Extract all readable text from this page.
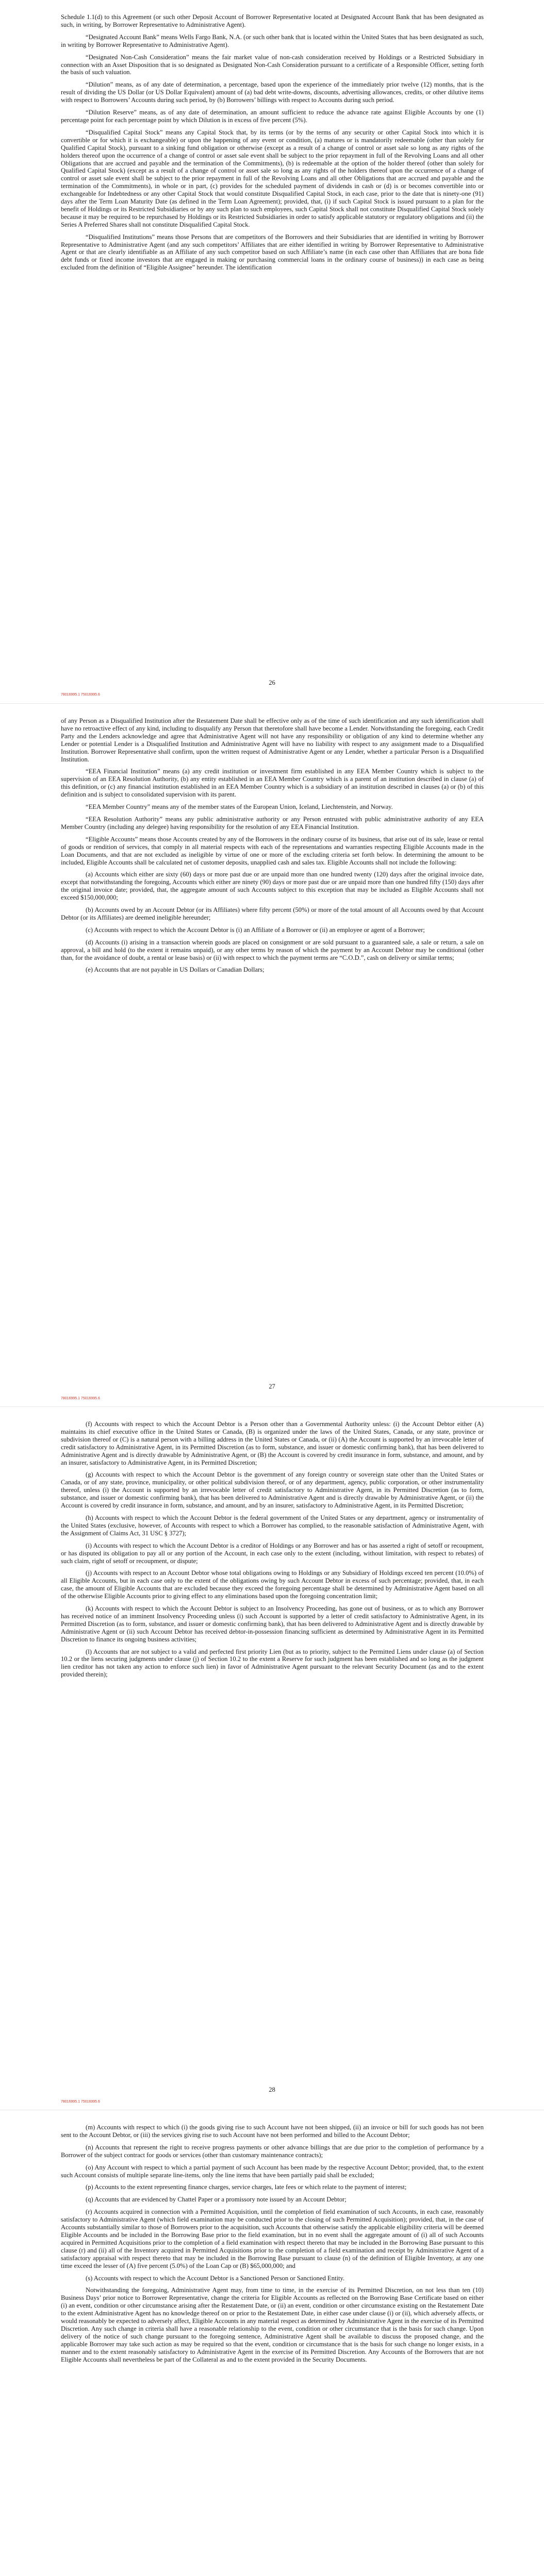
Schedule 1.1(d) to this Agreement (or such other Deposit Account of Borrower Representative located at Designated Account Bank that has been designated as such, in writing, by Borrower Representative to Administrative Agent).

“Designated Account Bank” means Wells Fargo Bank, N.A. (or such other bank that is located within the United States that has been designated as such, in writing by Borrower Representative to Administrative Agent).

“Designated Non-Cash Consideration” means the fair market value of non-cash consideration received by Holdings or a Restricted Subsidiary in connection with an Asset Disposition that is so designated as Designated Non-Cash Consideration pursuant to a certificate of a Responsible Officer, setting forth the basis of such valuation.

“Dilution” means, as of any date of determination, a percentage, based upon the experience of the immediately prior twelve (12) months, that is the result of dividing the US Dollar (or US Dollar Equivalent) amount of (a) bad debt write-downs, discounts, advertising allowances, credits, or other dilutive items with respect to Borrowers’ Accounts during such period, by (b) Borrowers’ billings with respect to Accounts during such period.

“Dilution Reserve” means, as of any date of determination, an amount sufficient to reduce the advance rate against Eligible Accounts by one (1) percentage point for each percentage point by which Dilution is in excess of five percent (5%).

“Disqualified Capital Stock” means any Capital Stock that, by its terms (or by the terms of any security or other Capital Stock into which it is convertible or for which it is exchangeable) or upon the happening of any event or condition, (a) matures or is mandatorily redeemable (other than solely for Qualified Capital Stock), pursuant to a sinking fund obligation or otherwise (except as a result of a change of control or asset sale so long as any rights of the holders thereof upon the occurrence of a change of control or asset sale event shall be subject to the prior repayment in full of the Revolving Loans and all other Obligations that are accrued and payable and the termination of the Commitments), (b) is redeemable at the option of the holder thereof (other than solely for Qualified Capital Stock) (except as a result of a change of control or asset sale so long as any rights of the holders thereof upon the occurrence of a change of control or asset sale event shall be subject to the prior repayment in full of the Revolving Loans and all other Obligations that are accrued and payable and the termination of the Commitments), in whole or in part, (c) provides for the scheduled payment of dividends in cash or (d) is or becomes convertible into or exchangeable for Indebtedness or any other Capital Stock that would constitute Disqualified Capital Stock, in each case, prior to the date that is ninety-one (91) days after the Term Loan Maturity Date (as defined in the Term Loan Agreement); provided, that, (i) if such Capital Stock is issued pursuant to a plan for the benefit of Holdings or its Restricted Subsidiaries or by any such plan to such employees, such Capital Stock shall not constitute Disqualified Capital Stock solely because it may be required to be repurchased by Holdings or its Restricted Subsidiaries in order to satisfy applicable statutory or regulatory obligations and (ii) the Series A Preferred Shares shall not constitute Disqualified Capital Stock.

“Disqualified Institutions” means those Persons that are competitors of the Borrowers and their Subsidiaries that are identified in writing by Borrower Representative to Administrative Agent (and any such competitors’ Affiliates that are either identified in writing by Borrower Representative to Administrative Agent or that are clearly identifiable as an Affiliate of any such competitor based on such Affiliate’s name (in each case other than Affiliates that are bona fide debt funds or fixed income investors that are engaged in making or purchasing commercial loans in the ordinary course of business)) in each case as being excluded from the definition of “Eligible Assignee” hereunder. The identification

26
78016995.1 75016995.6

of any Person as a Disqualified Institution after the Restatement Date shall be effective only as of the time of such identification and any such identification shall have no retroactive effect of any kind, including to disqualify any Person that theretofore shall have become a Lender. Notwithstanding the foregoing, each Credit Party and the Lenders acknowledge and agree that Administrative Agent will not have any responsibility or obligation of any kind to determine whether any Lender or potential Lender is a Disqualified Institution and Administrative Agent will have no liability with respect to any assignment made to a Disqualified Institution. Borrower Representative shall confirm, upon the written request of Administrative Agent or any Lender, whether a particular Person is a Disqualified Institution.

“EEA Financial Institution” means (a) any credit institution or investment firm established in any EEA Member Country which is subject to the supervision of an EEA Resolution Authority, (b) any entity established in an EEA Member Country which is a parent of an institution described in clause (a) of this definition, or (c) any financial institution established in an EEA Member Country which is a subsidiary of an institution described in clauses (a) or (b) of this definition and is subject to consolidated supervision with its parent.

“EEA Member Country” means any of the member states of the European Union, Iceland, Liechtenstein, and Norway.

“EEA Resolution Authority” means any public administrative authority or any Person entrusted with public administrative authority of any EEA Member Country (including any delegee) having responsibility for the resolution of any EEA Financial Institution.

“Eligible Accounts” means those Accounts created by any of the Borrowers in the ordinary course of its business, that arise out of its sale, lease or rental of goods or rendition of services, that comply in all material respects with each of the representations and warranties respecting Eligible Accounts made in the Loan Documents, and that are not excluded as ineligible by virtue of one or more of the excluding criteria set forth below. In determining the amount to be included, Eligible Accounts shall be calculated net of customer deposits, unapplied cash and sales tax. Eligible Accounts shall not include the following:

(a) Accounts which either are sixty (60) days or more past due or are unpaid more than one hundred twenty (120) days after the original invoice date, except that notwithstanding the foregoing, Accounts which either are ninety (90) days or more past due or are unpaid more than one hundred fifty (150) days after the original invoice date; provided, that, the aggregate amount of such Accounts subject to this exception that may be included as Eligible Accounts shall not exceed $150,000,000;

(b) Accounts owed by an Account Debtor (or its Affiliates) where fifty percent (50%) or more of the total amount of all Accounts owed by that Account Debtor (or its Affiliates) are deemed ineligible hereunder;

(c) Accounts with respect to which the Account Debtor is (i) an Affiliate of a Borrower or (ii) an employee or agent of a Borrower;

(d) Accounts (i) arising in a transaction wherein goods are placed on consignment or are sold pursuant to a guaranteed sale, a sale or return, a sale on approval, a bill and hold (to the extent it remains unpaid), or any other terms by reason of which the payment by an Account Debtor may be conditional (other than, for the avoidance of doubt, a rental or lease basis) or (ii) with respect to which the payment terms are “C.O.D.”, cash on delivery or similar terms;

(e) Accounts that are not payable in US Dollars or Canadian Dollars;

27
78016995.1 75016995.6

(f) Accounts with respect to which the Account Debtor is a Person other than a Governmental Authority unless: (i) the Account Debtor either (A) maintains its chief executive office in the United States or Canada, (B) is organized under the laws of the United States, Canada, or any state, province or subdivision thereof or (C) is a natural person with a billing address in the United States or Canada, or (ii) (A) the Account is supported by an irrevocable letter of credit satisfactory to Administrative Agent, in its Permitted Discretion (as to form, substance, and issuer or domestic confirming bank), that has been delivered to Administrative Agent and is directly drawable by Administrative Agent, or (B) the Account is covered by credit insurance in form, substance, and amount, and by an insurer, satisfactory to Administrative Agent, in its Permitted Discretion;

(g) Accounts with respect to which the Account Debtor is the government of any foreign country or sovereign state other than the United States or Canada, or of any state, province, municipality, or other political subdivision thereof, or of any department, agency, public corporation, or other instrumentality thereof, unless (i) the Account is supported by an irrevocable letter of credit satisfactory to Administrative Agent, in its Permitted Discretion (as to form, substance, and issuer or domestic confirming bank), that has been delivered to Administrative Agent and is directly drawable by Administrative Agent, or (ii) the Account is covered by credit insurance in form, substance, and amount, and by an insurer, satisfactory to Administrative Agent, in its Permitted Discretion;

(h) Accounts with respect to which the Account Debtor is the federal government of the United States or any department, agency or instrumentality of the United States (exclusive, however, of Accounts with respect to which a Borrower has complied, to the reasonable satisfaction of Administrative Agent, with the Assignment of Claims Act, 31 USC § 3727);

(i) Accounts with respect to which the Account Debtor is a creditor of Holdings or any Borrower and has or has asserted a right of setoff or recoupment, or has disputed its obligation to pay all or any portion of the Account, in each case only to the extent (including, without limitation, with respect to rebates) of such claim, right of setoff or recoupment, or dispute;

(j) Accounts with respect to an Account Debtor whose total obligations owing to Holdings or any Subsidiary of Holdings exceed ten percent (10.0%) of all Eligible Accounts, but in each case only to the extent of the obligations owing by such Account Debtor in excess of such percentage; provided, that, in each case, the amount of Eligible Accounts that are excluded because they exceed the foregoing percentage shall be determined by Administrative Agent based on all of the otherwise Eligible Accounts prior to giving effect to any eliminations based upon the foregoing concentration limit;

(k) Accounts with respect to which the Account Debtor is subject to an Insolvency Proceeding, has gone out of business, or as to which any Borrower has received notice of an imminent Insolvency Proceeding unless (i) such Account is supported by a letter of credit satisfactory to Administrative Agent, in its Permitted Discretion (as to form, substance, and issuer or domestic confirming bank), that has been delivered to Administrative Agent and is directly drawable by Administrative Agent or (ii) such Account Debtor has received debtor-in-possession financing sufficient as determined by Administrative Agent in its Permitted Discretion to finance its ongoing business activities;

(l) Accounts that are not subject to a valid and perfected first priority Lien (but as to priority, subject to the Permitted Liens under clause (a) of Section 10.2 or the liens securing judgments under clause (j) of Section 10.2 to the extent a Reserve for such judgment has been established and so long as the judgment lien creditor has not taken any action to enforce such lien) in favor of Administrative Agent pursuant to the relevant Security Document (as and to the extent provided therein);

28
78016995.1 75016995.6

(m) Accounts with respect to which (i) the goods giving rise to such Account have not been shipped, (ii) an invoice or bill for such goods has not been sent to the Account Debtor, or (iii) the services giving rise to such Account have not been performed and billed to the Account Debtor;

(n) Accounts that represent the right to receive progress payments or other advance billings that are due prior to the completion of performance by a Borrower of the subject contract for goods or services (other than customary maintenance contracts);

(o) Any Account with respect to which a partial payment of such Account has been made by the respective Account Debtor; provided, that, to the extent such Account consists of multiple separate line-items, only the line items that have been partially paid shall be excluded;

(p) Accounts to the extent representing finance charges, service charges, late fees or which relate to the payment of interest;

(q) Accounts that are evidenced by Chattel Paper or a promissory note issued by an Account Debtor;

(r) Accounts acquired in connection with a Permitted Acquisition, until the completion of field examination of such Accounts, in each case, reasonably satisfactory to Administrative Agent (which field examination may be conducted prior to the closing of such Permitted Acquisition); provided, that, in the case of Accounts substantially similar to those of Borrowers prior to the acquisition, such Accounts that otherwise satisfy the applicable eligibility criteria will be deemed Eligible Accounts and be included in the Borrowing Base prior to the field examination, but in no event shall the aggregate amount of (i) all of such Accounts acquired in Permitted Acquisitions prior to the completion of a field examination with respect thereto that may be included in the Borrowing Base pursuant to this clause (r) and (ii) all of the Inventory acquired in Permitted Acquisitions prior to the completion of a field examination and receipt by Administrative Agent of a satisfactory appraisal with respect thereto that may be included in the Borrowing Base pursuant to clause (n) of the definition of Eligible Inventory, at any one time exceed the lesser of (A) five percent (5.0%) of the Loan Cap or (B) $65,000,000; and

(s) Accounts with respect to which the Account Debtor is a Sanctioned Person or Sanctioned Entity.

Notwithstanding the foregoing, Administrative Agent may, from time to time, in the exercise of its Permitted Discretion, on not less than ten (10) Business Days’ prior notice to Borrower Representative, change the criteria for Eligible Accounts as reflected on the Borrowing Base Certificate based on either (i) an event, condition or other circumstance arising after the Restatement Date, or (ii) an event, condition or other circumstance existing on the Restatement Date to the extent Administrative Agent has no knowledge thereof on or prior to the Restatement Date, in either case under clause (i) or (ii), which adversely affects, or would reasonably be expected to adversely affect, Eligible Accounts in any material respect as determined by Administrative Agent in the exercise of its Permitted Discretion. Any such change in criteria shall have a reasonable relationship to the event, condition or other circumstance that is the basis for such change. Upon delivery of the notice of such change pursuant to the foregoing sentence, Administrative Agent shall be available to discuss the proposed change, and the applicable Borrower may take such action as may be required so that the event, condition or circumstance that is the basis for such change no longer exists, in a manner and to the extent reasonably satisfactory to Administrative Agent in the exercise of its Permitted Discretion. Any Accounts of the Borrowers that are not Eligible Accounts shall nevertheless be part of the Collateral as and to the extent provided in the Security Documents.
